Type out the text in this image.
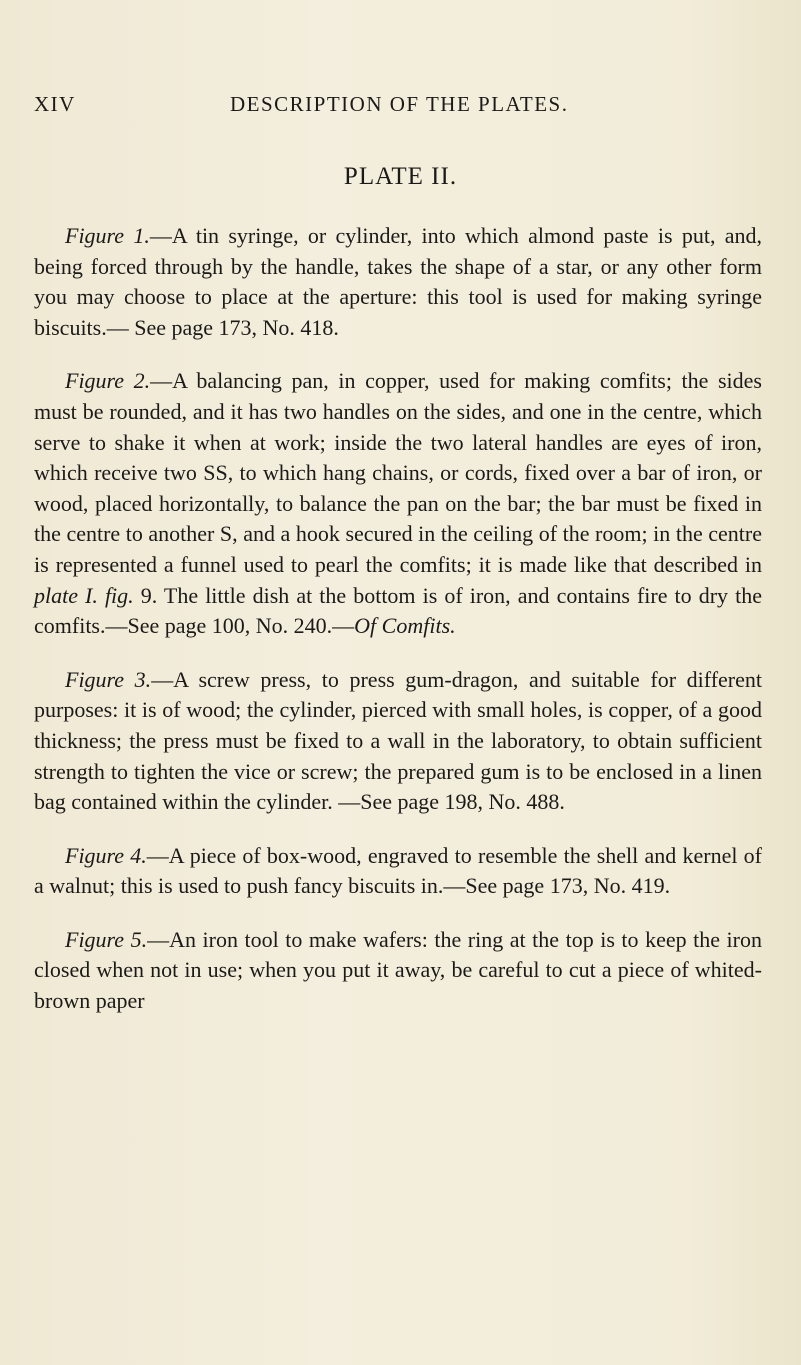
XIV	DESCRIPTION OF THE PLATES.
PLATE II.

Figure 1.—A tin syringe, or cylinder, into which almond paste is put, and, being forced through by the handle, takes the shape of a star, or any other form you may choose to place at the aperture: this tool is used for making syringe biscuits.— See page 173, No. 418.

Figure 2.—A balancing pan, in copper, used for making comfits; the sides must be rounded, and it has two handles on the sides, and one in the centre, which serve to shake it when at work; inside the two lateral handles are eyes of iron, which receive two SS, to which hang chains, or cords, fixed over a bar of iron, or wood, placed horizontally, to balance the pan on the bar; the bar must be fixed in the centre to another S, and a hook secured in the ceiling of the room; in the centre is represented a funnel used to pearl the comfits; it is made like that described in plate I. fig. 9. The little dish at the bottom is of iron, and contains fire to dry the comfits.—See page 100, No. 240.—Of Comfits.

Figure 3.—A screw press, to press gum-dragon, and suitable for different purposes: it is of wood; the cylinder, pierced with small holes, is copper, of a good thickness; the press must be fixed to a wall in the laboratory, to obtain sufficient strength to tighten the vice or screw; the prepared gum is to be enclosed in a linen bag contained within the cylinder. —See page 198, No. 488.

Figure 4.—A piece of box-wood, engraved to resemble the shell and kernel of a walnut; this is used to push fancy biscuits in.—See page 173, No. 419.

Figure 5.—An iron tool to make wafers: the ring at the top is to keep the iron closed when not in use; when you put it away, be careful to cut a piece of whited-brown paper
